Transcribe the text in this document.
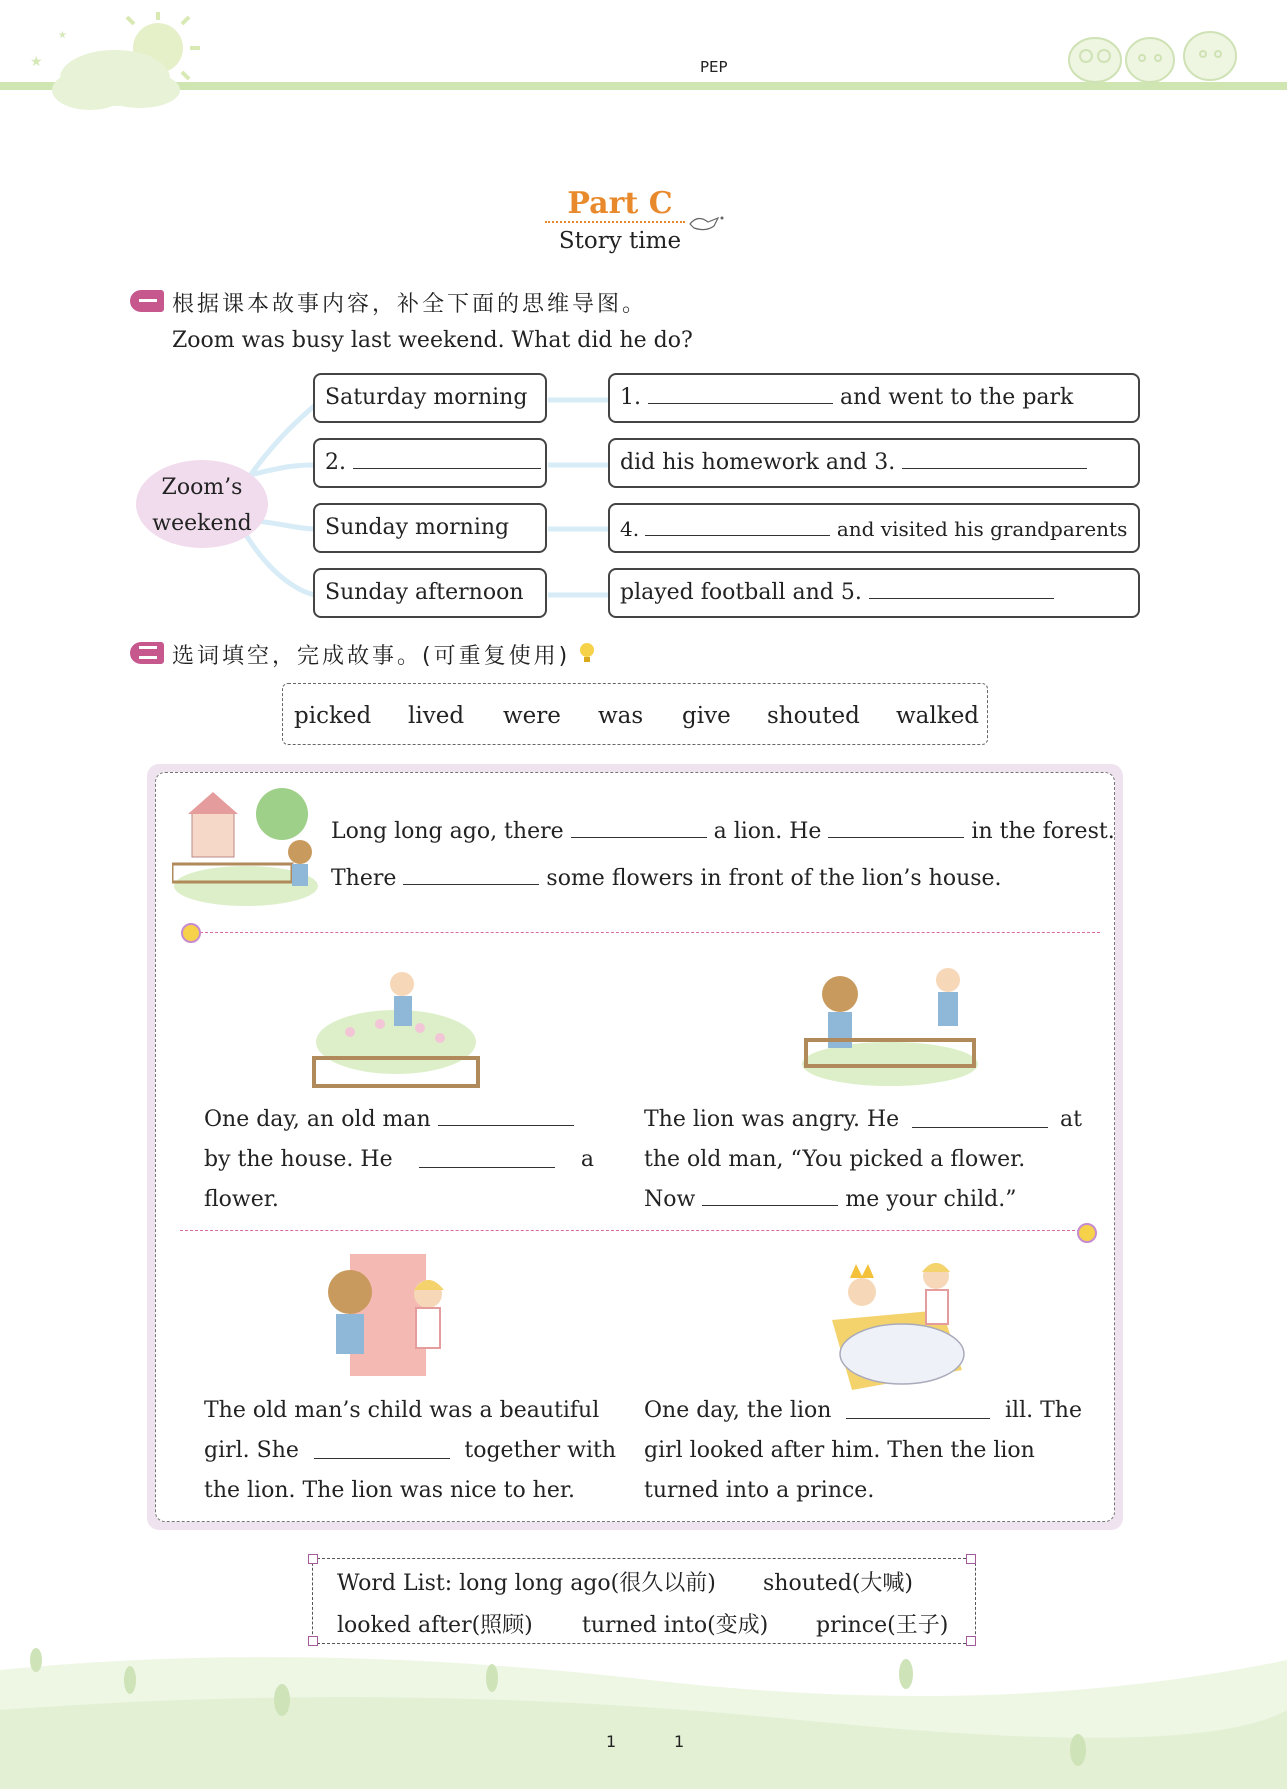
★
★
PEP
Part C
Story time
根据课本故事内容，补全下面的思维导图。
Zoom was busy last weekend. What did he do?
Zoom’s
weekend
Saturday morning	1.	and went to the park
2.	did his homework and 3.
Sunday morning	4.	and visited his grandparents
Sunday afternoon	played football and 5.
选词填空，完成故事。(可重复使用)
picked lived were was give shouted walked
Long long ago, there	a lion. He	in the forest.
There	some flowers in front of the lion’s house.
One day, an old man
by the house. He	a
flower.
The lion was angry. He	at
the old man, “You picked a flower.
Now	me your child.”
The old man’s child was a beautiful
girl. She	together with
the lion. The lion was nice to her.
One day, the lion	ill. The
girl looked after him. Then the lion
turned into a prince.
Word List: long long ago(很久以前) shouted(大喊)
looked after(照顾) turned into(变成) prince(王子)
1	1
